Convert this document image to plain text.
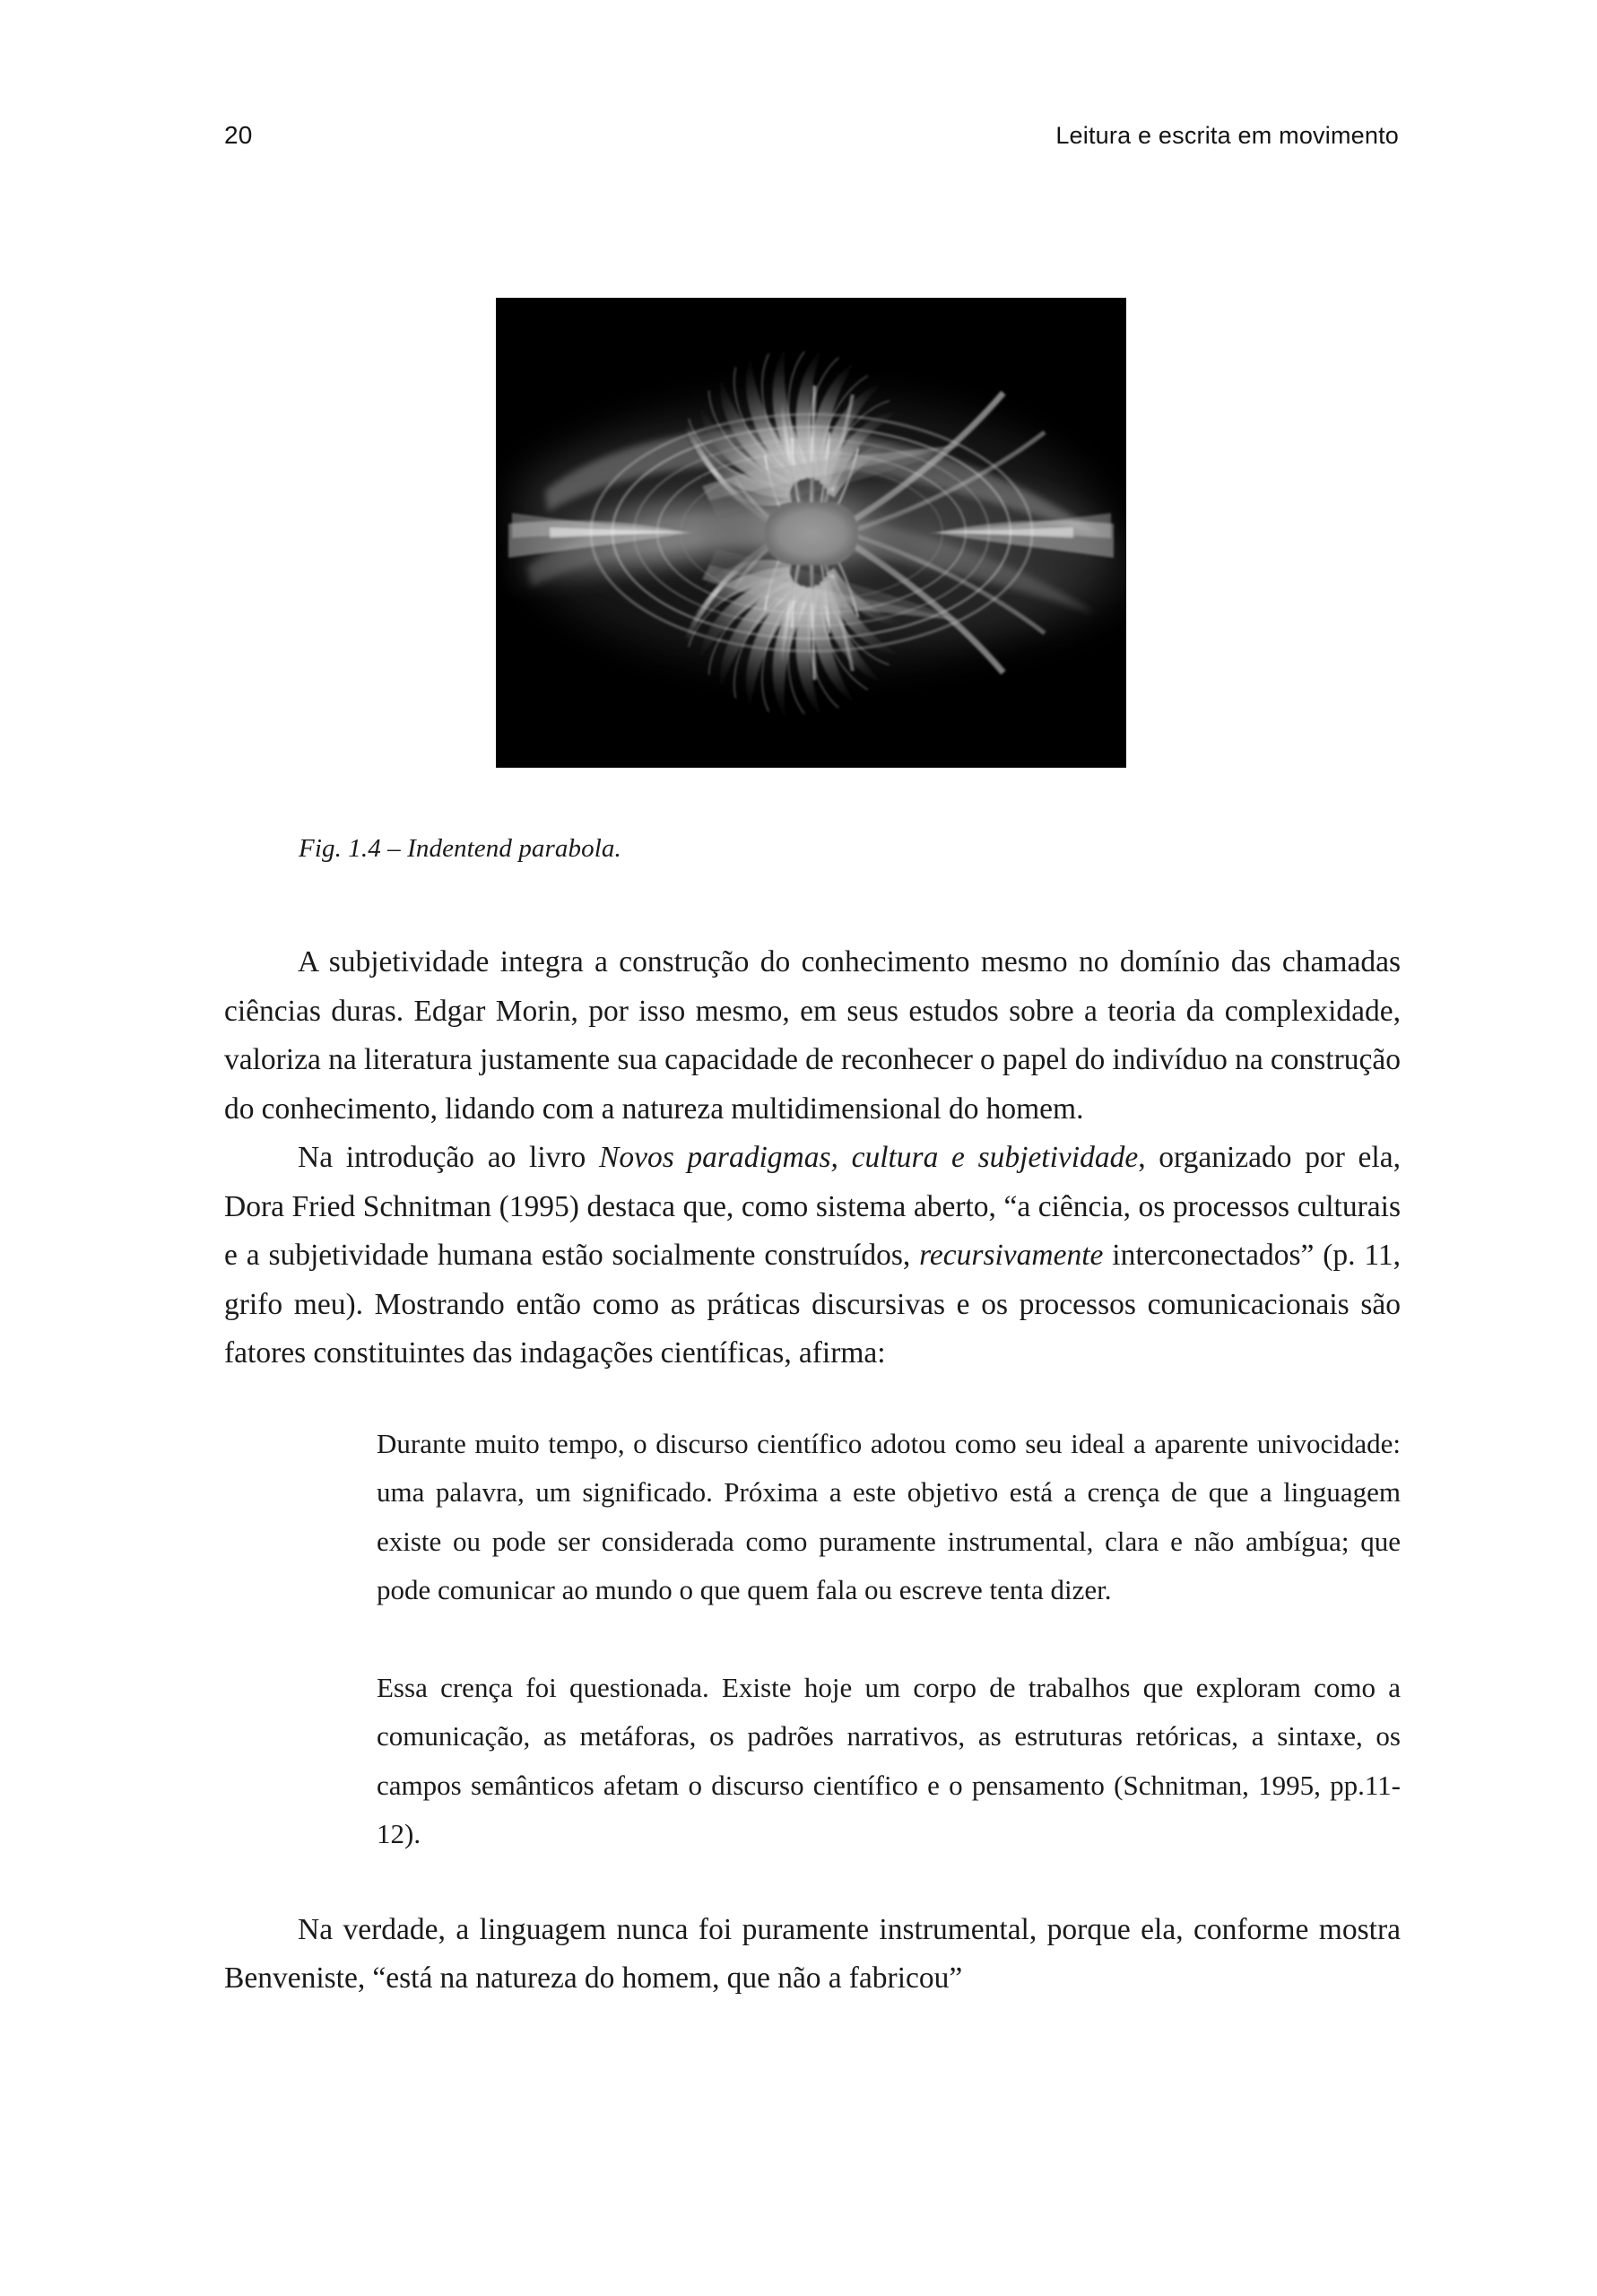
20	Leitura e escrita em movimento
Fig. 1.4 – Indentend parabola.

A subjetividade integra a construção do conhecimento mesmo no domínio das chamadas ciências duras. Edgar Morin, por isso mesmo, em seus estudos sobre a teoria da complexidade, valoriza na literatura justamente sua capacidade de reconhecer o papel do indivíduo na construção do conhecimento, lidando com a natureza multidimensional do homem.

Na introdução ao livro Novos paradigmas, cultura e subjetividade, organizado por ela, Dora Fried Schnitman (1995) destaca que, como sistema aberto, “a ciência, os processos culturais e a subjetividade humana estão socialmente construídos, recursivamente interconectados” (p. 11, grifo meu). Mostrando então como as práticas discursivas e os processos comunicacionais são fatores constituintes das indagações científicas, afirma:

Durante muito tempo, o discurso científico adotou como seu ideal a aparente univocidade: uma palavra, um significado. Próxima a este objetivo está a crença de que a linguagem existe ou pode ser considerada como puramente instrumental, clara e não ambígua; que pode comunicar ao mundo o que quem fala ou escreve tenta dizer.

Essa crença foi questionada. Existe hoje um corpo de trabalhos que exploram como a comunicação, as metáforas, os padrões narrativos, as estruturas retóricas, a sintaxe, os campos semânticos afetam o discurso científico e o pensamento (Schnitman, 1995, pp.11-12).

Na verdade, a linguagem nunca foi puramente instrumental, porque ela, conforme mostra Benveniste, “está na natureza do homem, que não a fabricou”
